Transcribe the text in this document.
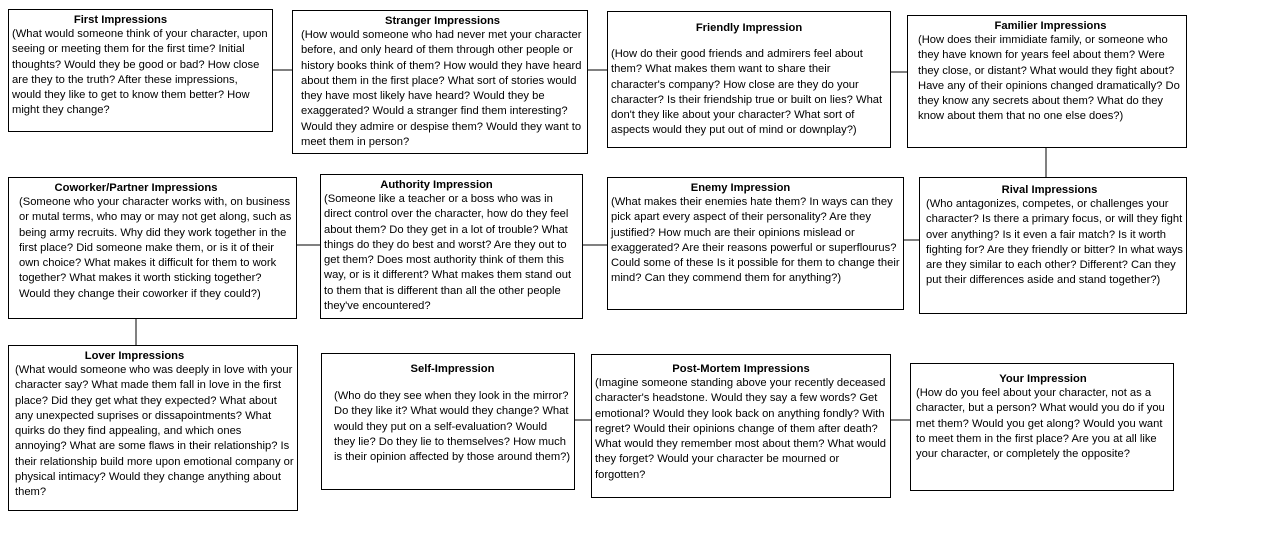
First Impressions
(What would someone think of your character, upon seeing or meeting them for the first time? Initial thoughts? Would they be good or bad? How close are they to the truth? After these impressions, would they like to get to know them better? How might they change?
Stranger Impressions
(How would someone who had never met your character before, and only heard of them through other people or history books think of them? How would they have heard about them in the first place? What sort of stories would they have most likely have heard? Would they be exaggerated? Would a stranger find them interesting? Would they admire or despise them? Would they want to meet them in person?
Friendly Impression
(How do their good friends and admirers feel about them? What makes them want to share their character's company? How close are they do your character? Is their friendship true or built on lies? What don't they like about your character? What sort of aspects would they put out of mind or downplay?)
Familier Impressions
(How does their immidiate family, or someone who they have known for years feel about them? Were they close, or distant? What would they fight about? Have any of their opinions changed dramatically? Do they know any secrets about them? What do they know about them that no one else does?)
Coworker/Partner Impressions
(Someone who your character works with, on business or mutal terms, who may or may not get along, such as being army recruits. Why did they work together in the first place? Did someone make them, or is it of their own choice? What makes it difficult for them to work together? What makes it worth sticking together? Would they change their coworker if they could?)
Authority Impression
(Someone like a teacher or a boss who was in direct control over the character, how do they feel about them? Do they get in a lot of trouble? What things do they do best and worst? Are they out to get them? Does most authority think of them this way, or is it different? What makes them stand out to them that is different than all the other people they've encountered?
Enemy Impression
(What makes their enemies hate them? In ways can they pick apart every aspect of their personality? Are they justified? How much are their opinions mislead or exaggerated? Are their reasons powerful or superflourus? Could some of these Is it possible for them to change their mind? Can they commend them for anything?)
Rival Impressions
(Who antagonizes, competes, or challenges your character? Is there a primary focus, or will they fight over anything? Is it even a fair match? Is it worth fighting for? Are they friendly or bitter? In what ways are they similar to each other? Different? Can they put their differences aside and stand together?)
Lover Impressions
(What would someone who was deeply in love with your character say? What made them fall in love in the first place? Did they get what they expected? What about any unexpected suprises or dissapointments? What quirks do they find appealing, and which ones annoying? What are some flaws in their relationship? Is their relationship build more upon emotional company or physical intimacy? Would they change anything about them?
Self-Impression
(Who do they see when they look in the mirror? Do they like it? What would they change? What would they put on a self-evaluation? Would they lie? Do they lie to themselves? How much is their opinion affected by those around them?)
Post-Mortem Impressions
(Imagine someone standing above your recently deceased character's headstone. Would they say a few words? Get emotional? Would they look back on anything fondly? With regret? Would their opinions change of them after death? What would they remember most about them? What would they forget? Would your character be mourned or forgotten?
Your Impression
(How do you feel about your character, not as a character, but a person? What would you do if you met them? Would you get along? Would you want to meet them in the first place? Are you at all like your character, or completely the opposite?
